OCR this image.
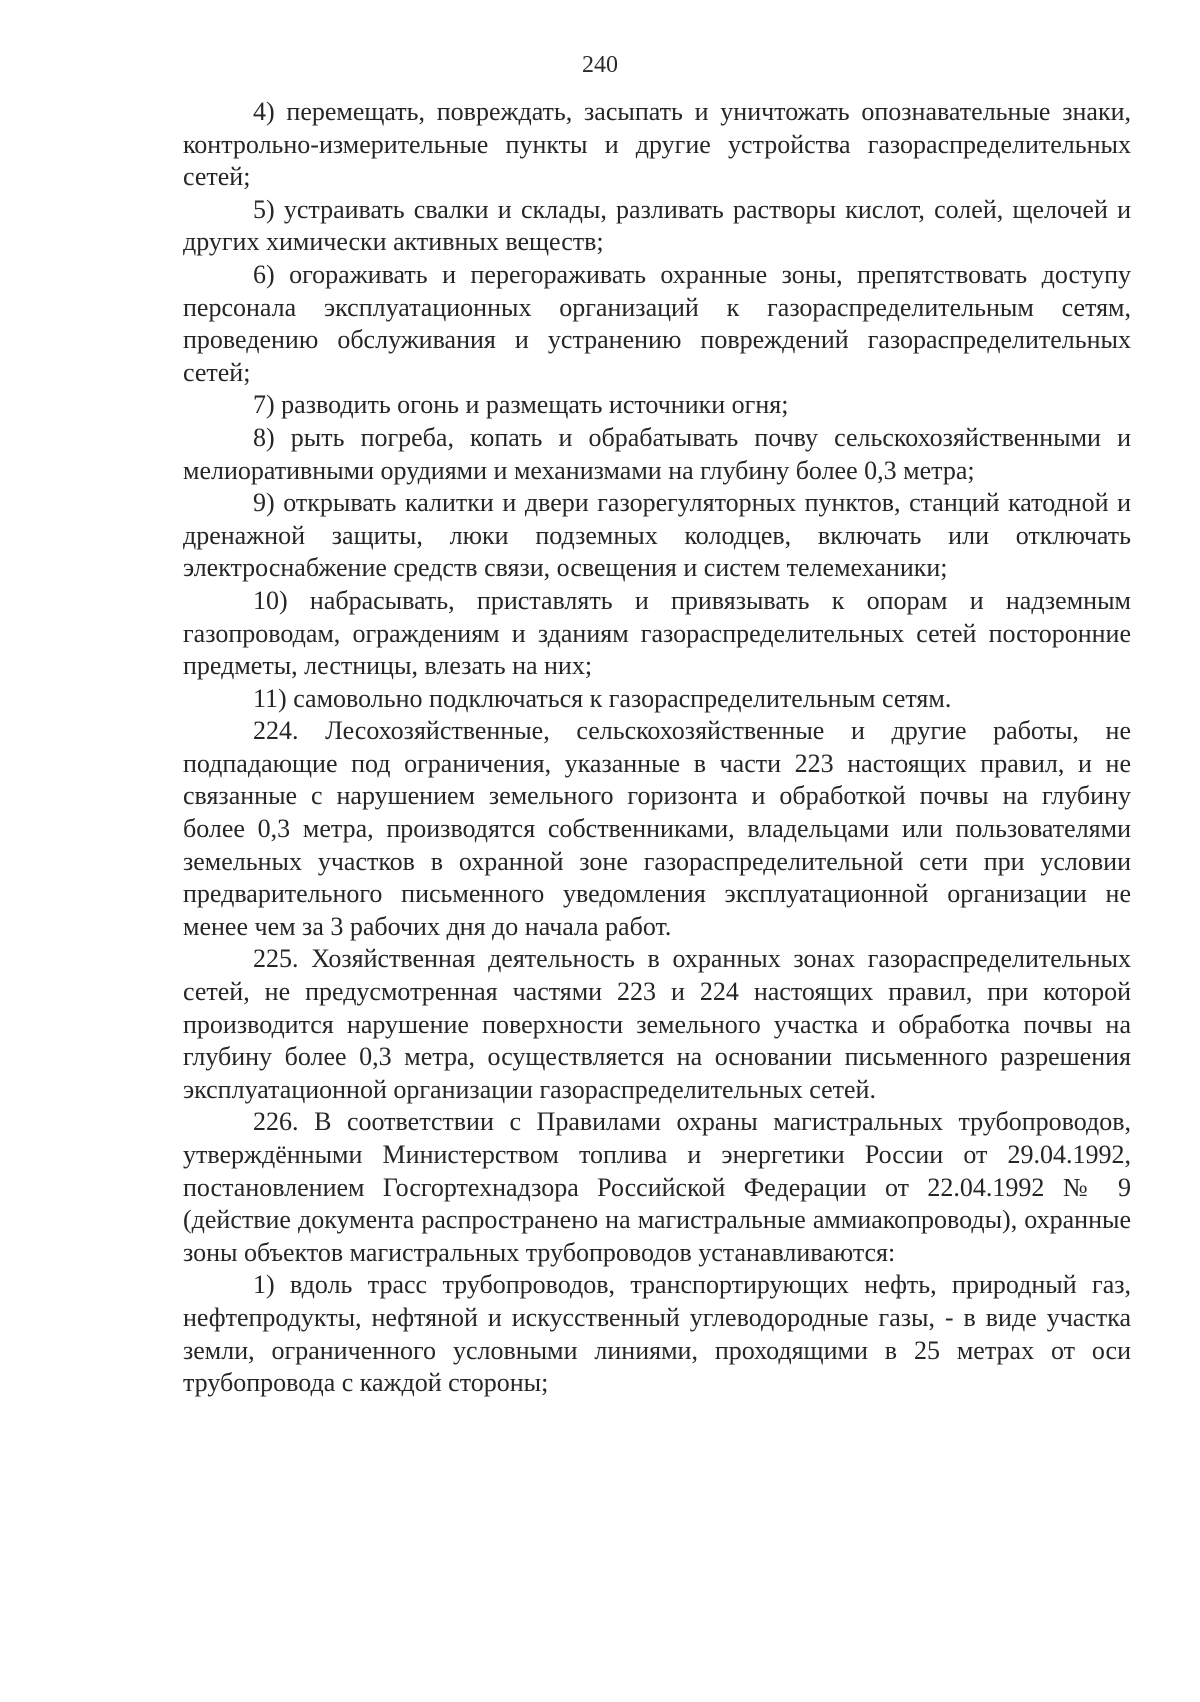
240

4) перемещать, повреждать, засыпать и уничтожать опознавательные знаки, контрольно-измерительные пункты и другие устройства газораспределительных сетей;

5) устраивать свалки и склады, разливать растворы кислот, солей, щелочей и других химически активных веществ;

6) огораживать и перегораживать охранные зоны, препятствовать доступу персонала эксплуатационных организаций к газораспределительным сетям, проведению обслуживания и устранению повреждений газораспределительных сетей;

7) разводить огонь и размещать источники огня;

8) рыть погреба, копать и обрабатывать почву сельскохозяйственными и мелиоративными орудиями и механизмами на глубину более 0,3 метра;

9) открывать калитки и двери газорегуляторных пунктов, станций катодной и дренажной защиты, люки подземных колодцев, включать или отключать электроснабжение средств связи, освещения и систем телемеханики;

10) набрасывать, приставлять и привязывать к опорам и надземным газопроводам, ограждениям и зданиям газораспределительных сетей посторонние предметы, лестницы, влезать на них;

11) самовольно подключаться к газораспределительным сетям.

224. Лесохозяйственные, сельскохозяйственные и другие работы, не подпадающие под ограничения, указанные в части 223 настоящих правил, и не связанные с нарушением земельного горизонта и обработкой почвы на глубину более 0,3 метра, производятся собственниками, владельцами или пользователями земельных участков в охранной зоне газораспределительной сети при условии предварительного письменного уведомления эксплуатационной организации не менее чем за 3 рабочих дня до начала работ.

225. Хозяйственная деятельность в охранных зонах газораспределительных сетей, не предусмотренная частями 223 и 224 настоящих правил, при которой производится нарушение поверхности земельного участка и обработка почвы на глубину более 0,3 метра, осуществляется на основании письменного разрешения эксплуатационной организации газораспределительных сетей.

226. В соответствии с Правилами охраны магистральных трубопроводов, утверждёнными Министерством топлива и энергетики России от 29.04.1992, постановлением Госгортехнадзора Российской Федерации от 22.04.1992 № 9 (действие документа распространено на магистральные аммиакопроводы), охранные зоны объектов магистральных трубопроводов устанавливаются:

1) вдоль трасс трубопроводов, транспортирующих нефть, природный газ, нефтепродукты, нефтяной и искусственный углеводородные газы, - в виде участка земли, ограниченного условными линиями, проходящими в 25 метрах от оси трубопровода с каждой стороны;
